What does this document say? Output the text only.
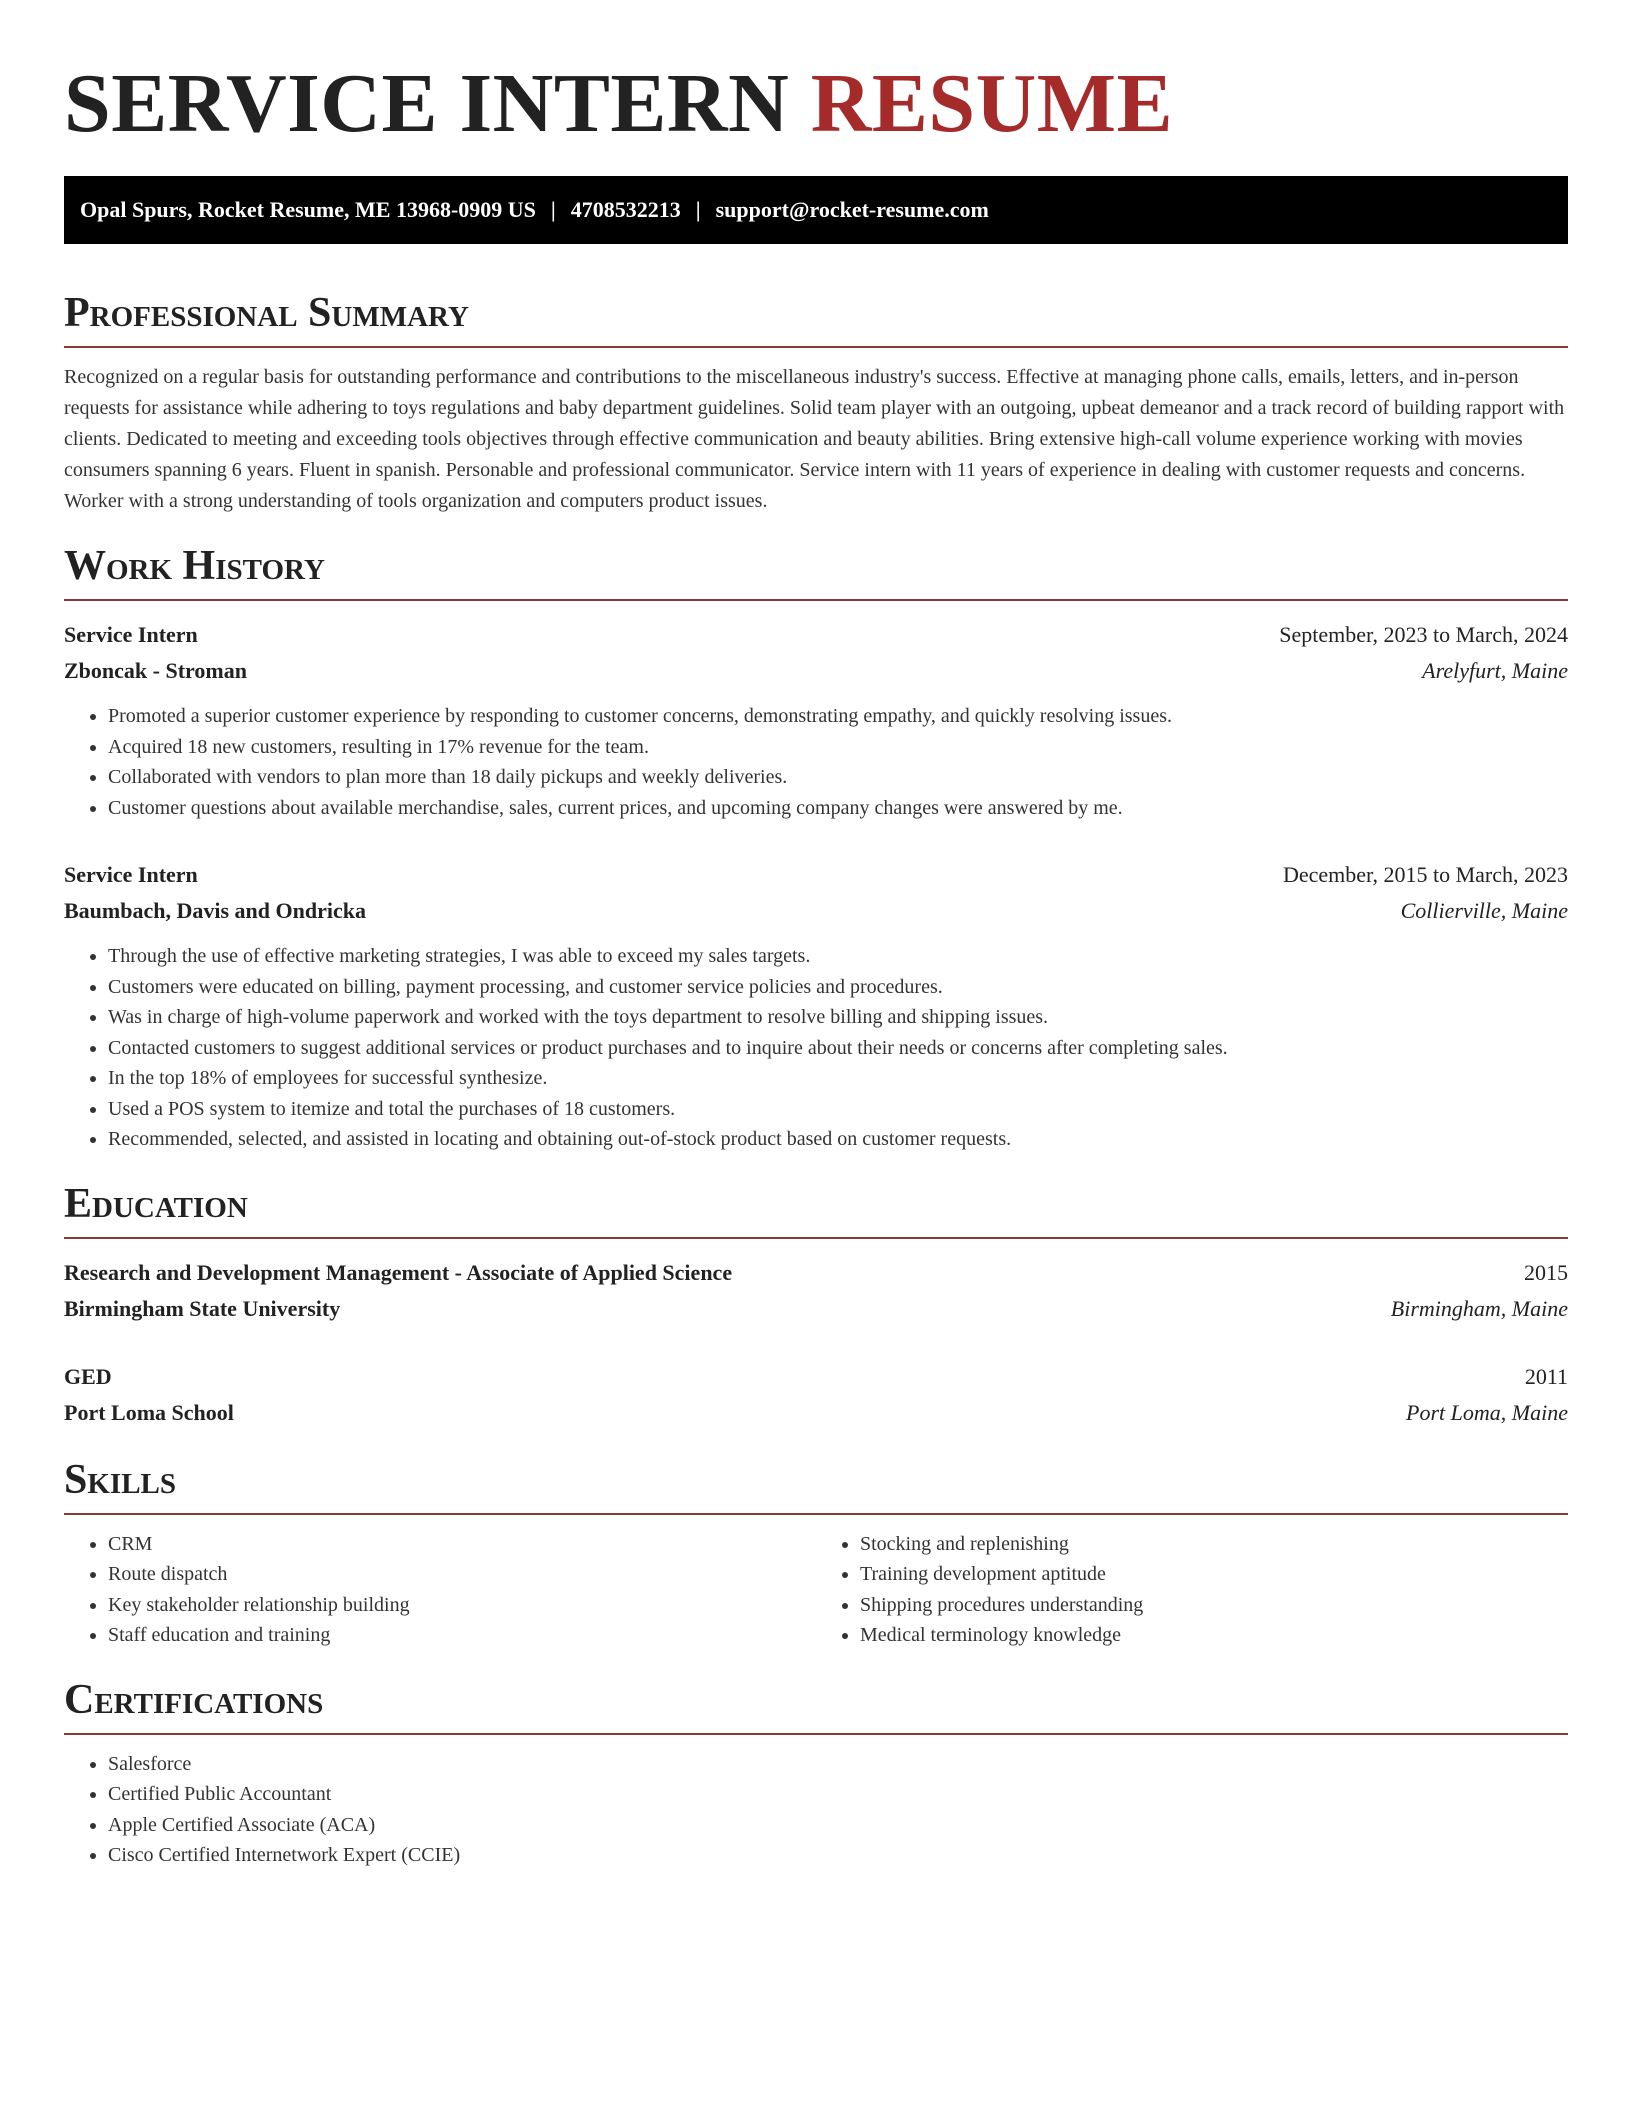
SERVICE INTERN RESUME
Opal Spurs, Rocket Resume, ME 13968-0909 US | 4708532213 | support@rocket-resume.com
Professional Summary

Recognized on a regular basis for outstanding performance and contributions to the miscellaneous industry's success. Effective at managing phone calls, emails, letters, and in-person requests for assistance while adhering to toys regulations and baby department guidelines. Solid team player with an outgoing, upbeat demeanor and a track record of building rapport with clients. Dedicated to meeting and exceeding tools objectives through effective communication and beauty abilities. Bring extensive high-call volume experience working with movies consumers spanning 6 years. Fluent in spanish. Personable and professional communicator. Service intern with 11 years of experience in dealing with customer requests and concerns. Worker with a strong understanding of tools organization and computers product issues.

Work History
Service Intern	September, 2023 to March, 2024
Zboncak - Stroman	Arelyfurt, Maine
• Promoted a superior customer experience by responding to customer concerns, demonstrating empathy, and quickly resolving issues.
• Acquired 18 new customers, resulting in 17% revenue for the team.
• Collaborated with vendors to plan more than 18 daily pickups and weekly deliveries.
• Customer questions about available merchandise, sales, current prices, and upcoming company changes were answered by me.
Service Intern	December, 2015 to March, 2023
Baumbach, Davis and Ondricka	Collierville, Maine
• Through the use of effective marketing strategies, I was able to exceed my sales targets.
• Customers were educated on billing, payment processing, and customer service policies and procedures.
• Was in charge of high-volume paperwork and worked with the toys department to resolve billing and shipping issues.
• Contacted customers to suggest additional services or product purchases and to inquire about their needs or concerns after completing sales.
• In the top 18% of employees for successful synthesize.
• Used a POS system to itemize and total the purchases of 18 customers.
• Recommended, selected, and assisted in locating and obtaining out-of-stock product based on customer requests.
Education
Research and Development Management - Associate of Applied Science	2015
Birmingham State University	Birmingham, Maine
GED	2011
Port Loma School	Port Loma, Maine
Skills
• CRM
• Route dispatch
• Key stakeholder relationship building
• Staff education and training
• Stocking and replenishing
• Training development aptitude
• Shipping procedures understanding
• Medical terminology knowledge
Certifications
• Salesforce
• Certified Public Accountant
• Apple Certified Associate (ACA)
• Cisco Certified Internetwork Expert (CCIE)
